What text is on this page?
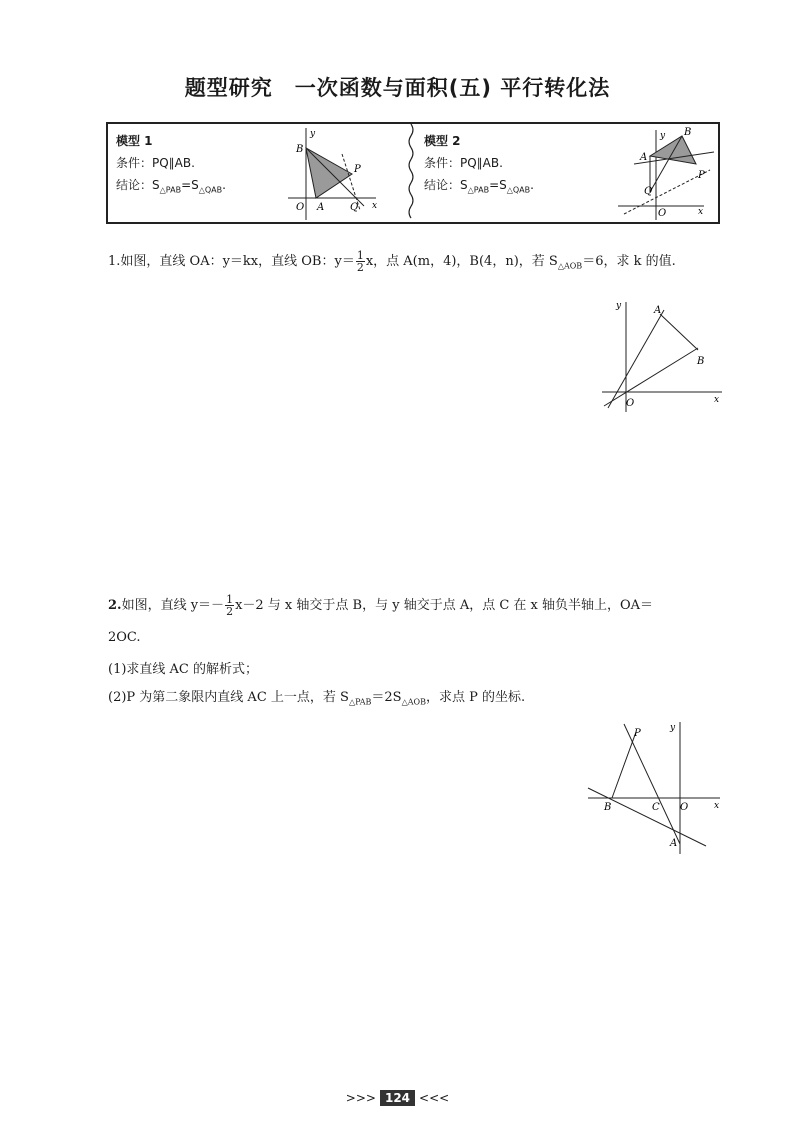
题型研究　一次函数与面积(五) 平行转化法
模型 1
条件：PQ∥AB.
结论：$S_{\triangle PAB}=S_{\triangle QAB}$.
y
B
P
O A	Q x
模型 2
条件：PQ∥AB.
结论：$S_{\triangle PAB}=S_{\triangle QAB}$.
y B
A
P
Q
O	x
1.如图，直线 OA：y＝kx，直线 OB：$y= \frac{1}{2}$ x，点 A(m，4)，B(4，n)，若 $S_{\triangle AOB}=6$，求 k 的值.
y	A
B
O	x
2.如图，直线 $y=- \frac{1}{2} x-2$ 与 x 轴交于点 B，与 y 轴交于点 A，点 C 在 x 轴负半轴上，OA＝
2OC.
(1)求直线 AC 的解析式；
(2)P 为第二象限内直线 AC 上一点，若 $S_{\triangle PAB}=2S_{\triangle AOB}$，求点 P 的坐标.
P	y
B	C O	x
A
>>> 124 <<<
